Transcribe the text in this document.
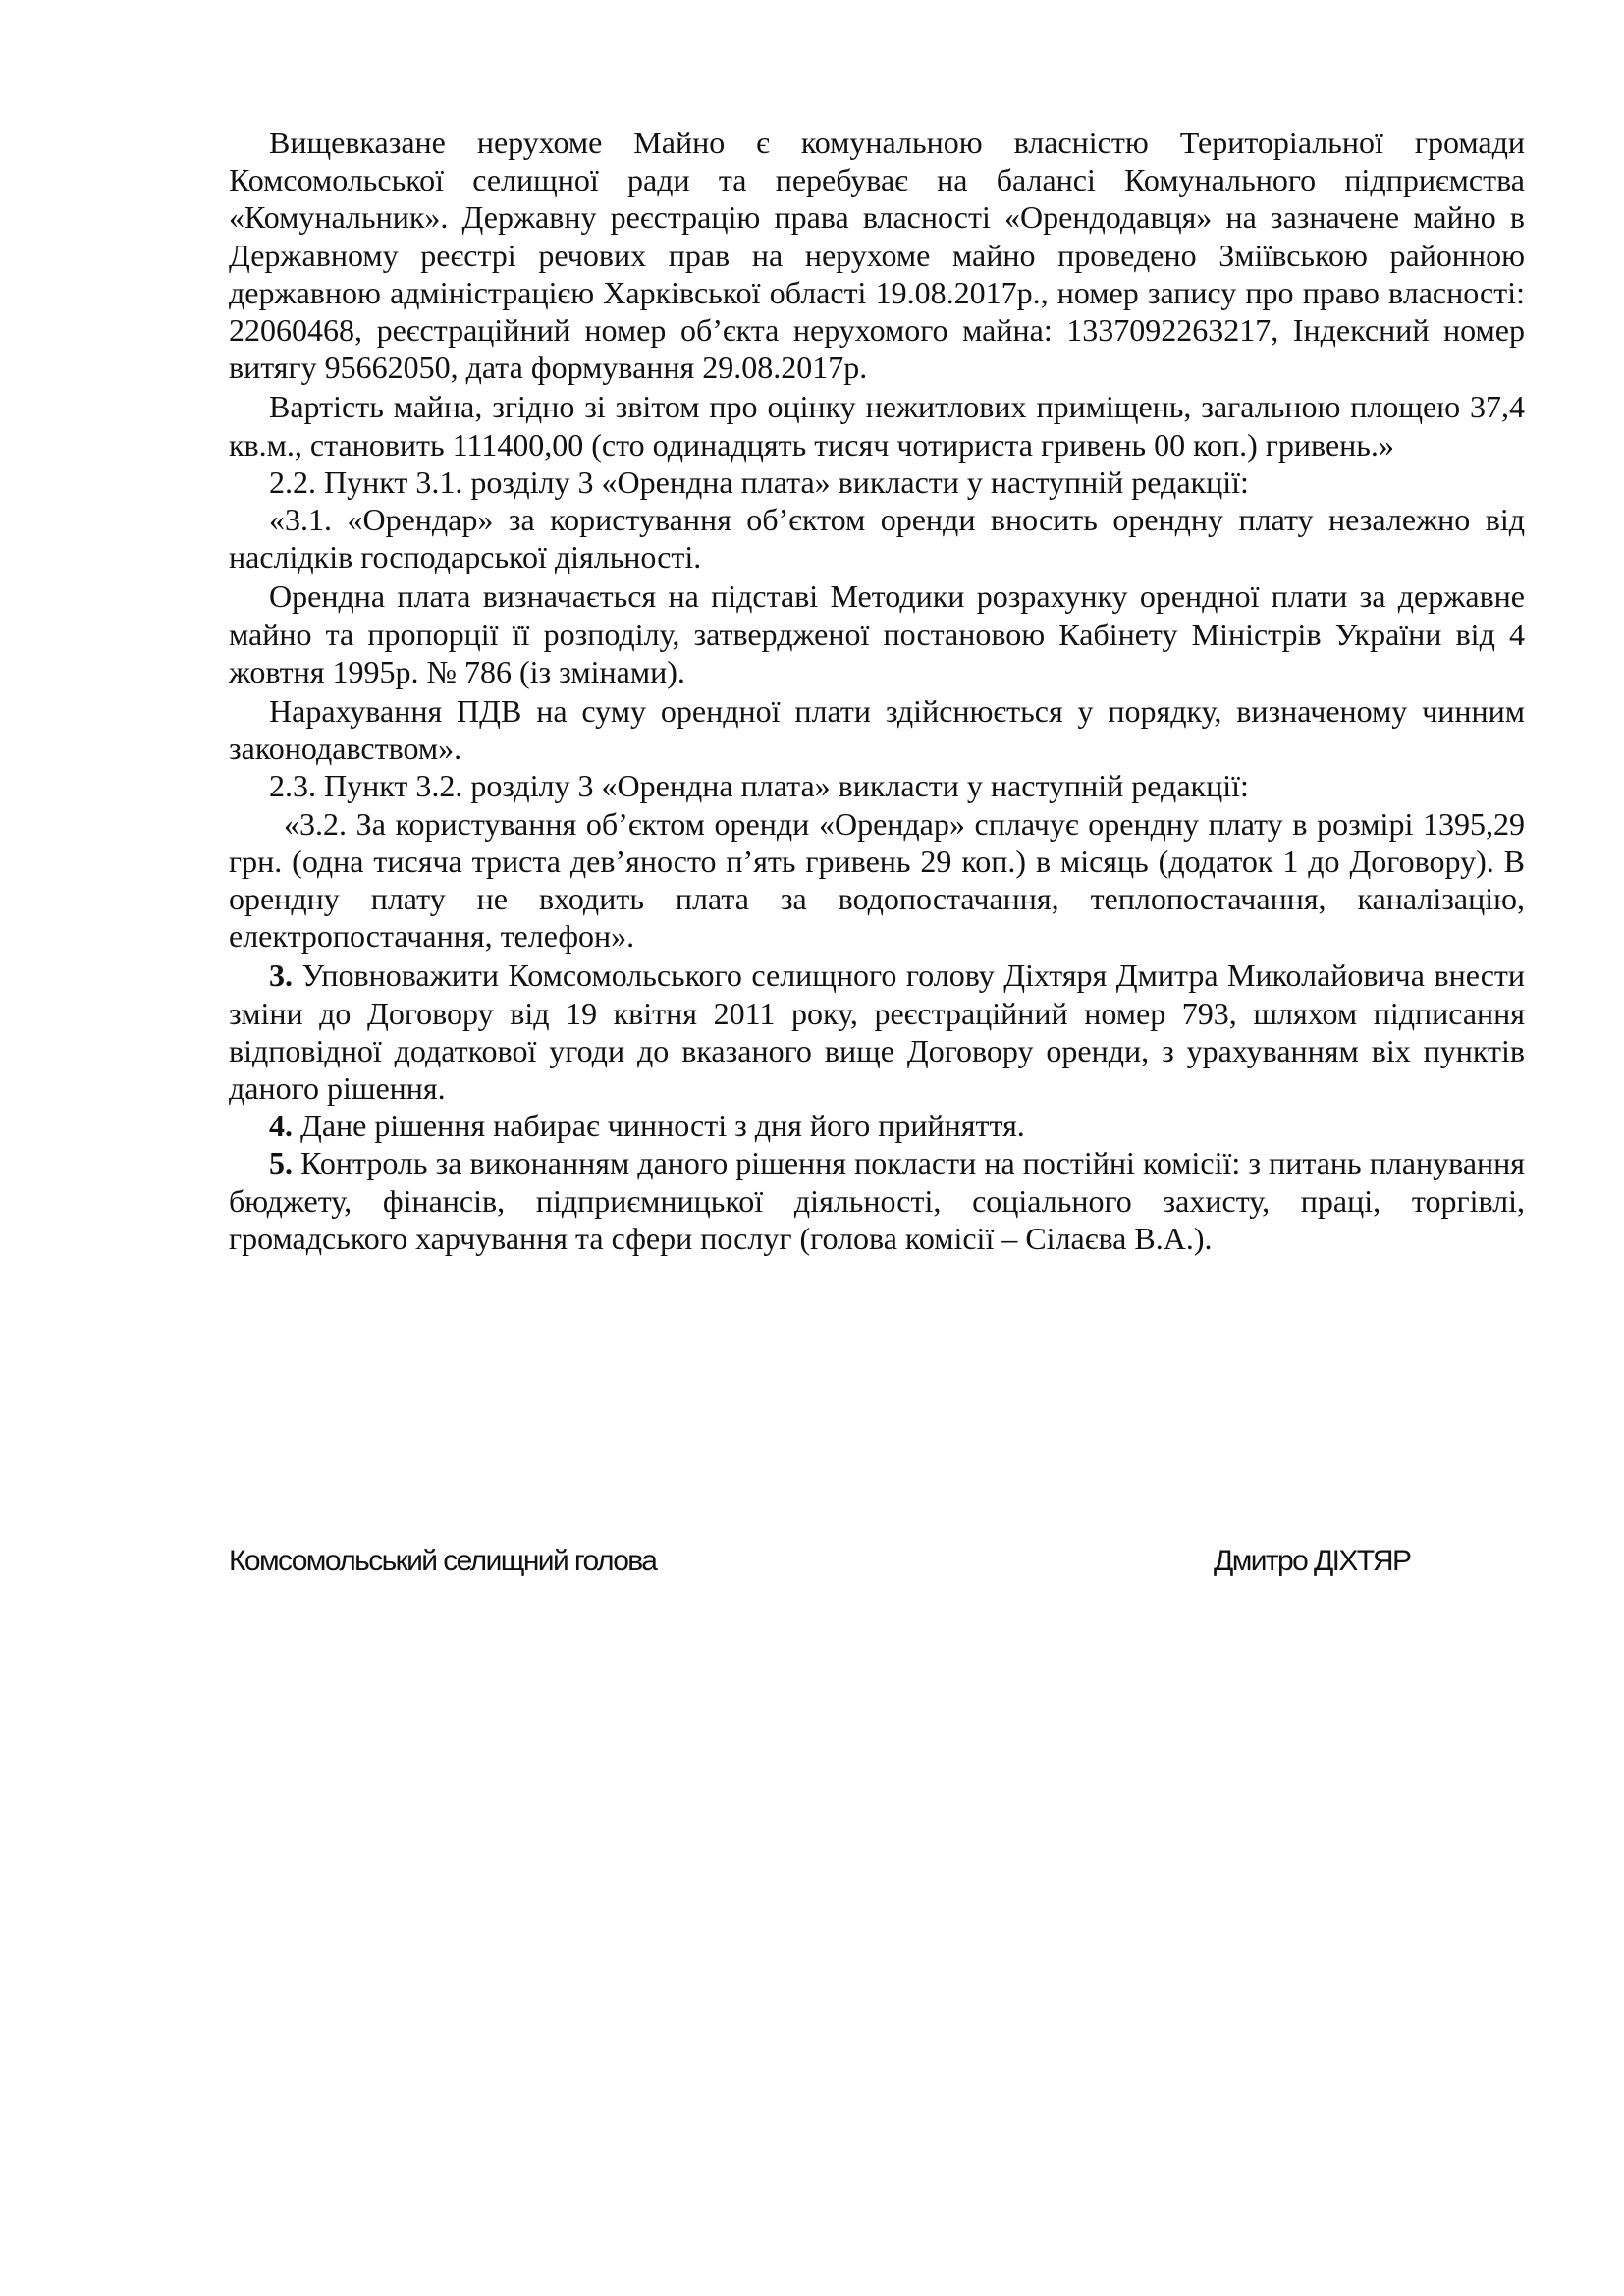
Вищевказане нерухоме Майно є комунальною власністю Територіальної громади Комсомольської селищної ради та перебуває на балансі Комунального підприємства «Комунальник». Державну реєстрацію права власності «Орендодавця» на зазначене майно в Державному реєстрі речових прав на нерухоме майно проведено Зміївською районною державною адміністрацією Харківської області 19.08.2017р., номер запису про право власності: 22060468, реєстраційний номер об’єкта нерухомого майна: 1337092263217, Індексний номер витягу 95662050, дата формування 29.08.2017р.

Вартість майна, згідно зі звітом про оцінку нежитлових приміщень, загальною площею 37,4 кв.м., становить 111400,00 (сто одинадцять тисяч чотириста гривень 00 коп.) гривень.»

2.2. Пункт 3.1. розділу 3 «Орендна плата» викласти у наступній редакції:

«3.1. «Орендар» за користування об’єктом оренди вносить орендну плату незалежно від наслідків господарської діяльності.

Орендна плата визначається на підставі Методики розрахунку орендної плати за державне майно та пропорції її розподілу, затвердженої постановою Кабінету Міністрів України від 4 жовтня 1995р. № 786 (із змінами).

Нарахування ПДВ на суму орендної плати здійснюється у порядку, визначеному чинним законодавством».

2.3. Пункт 3.2. розділу 3 «Орендна плата» викласти у наступній редакції:

«3.2. За користування об’єктом оренди «Орендар» сплачує орендну плату в розмірі 1395,29 грн. (одна тисяча триста дев’яносто п’ять гривень 29 коп.) в місяць (додаток 1 до Договору). В орендну плату не входить плата за водопостачання, теплопостачання, каналізацію, електропостачання, телефон».

3. Уповноважити Комсомольського селищного голову Діхтяря Дмитра Миколайовича внести зміни до Договору від 19 квітня 2011 року, реєстраційний номер 793, шляхом підписання відповідної додаткової угоди до вказаного вище Договору оренди, з урахуванням віх пунктів даного рішення.

4. Дане рішення набирає чинності з дня його прийняття.

5. Контроль за виконанням даного рішення покласти на постійні комісії: з питань планування бюджету, фінансів, підприємницької діяльності, соціального захисту, праці, торгівлі, громадського харчування та сфери послуг (голова комісії – Сілаєва В.А.).

Комсомольський селищний голова	Дмитро ДІХТЯР
